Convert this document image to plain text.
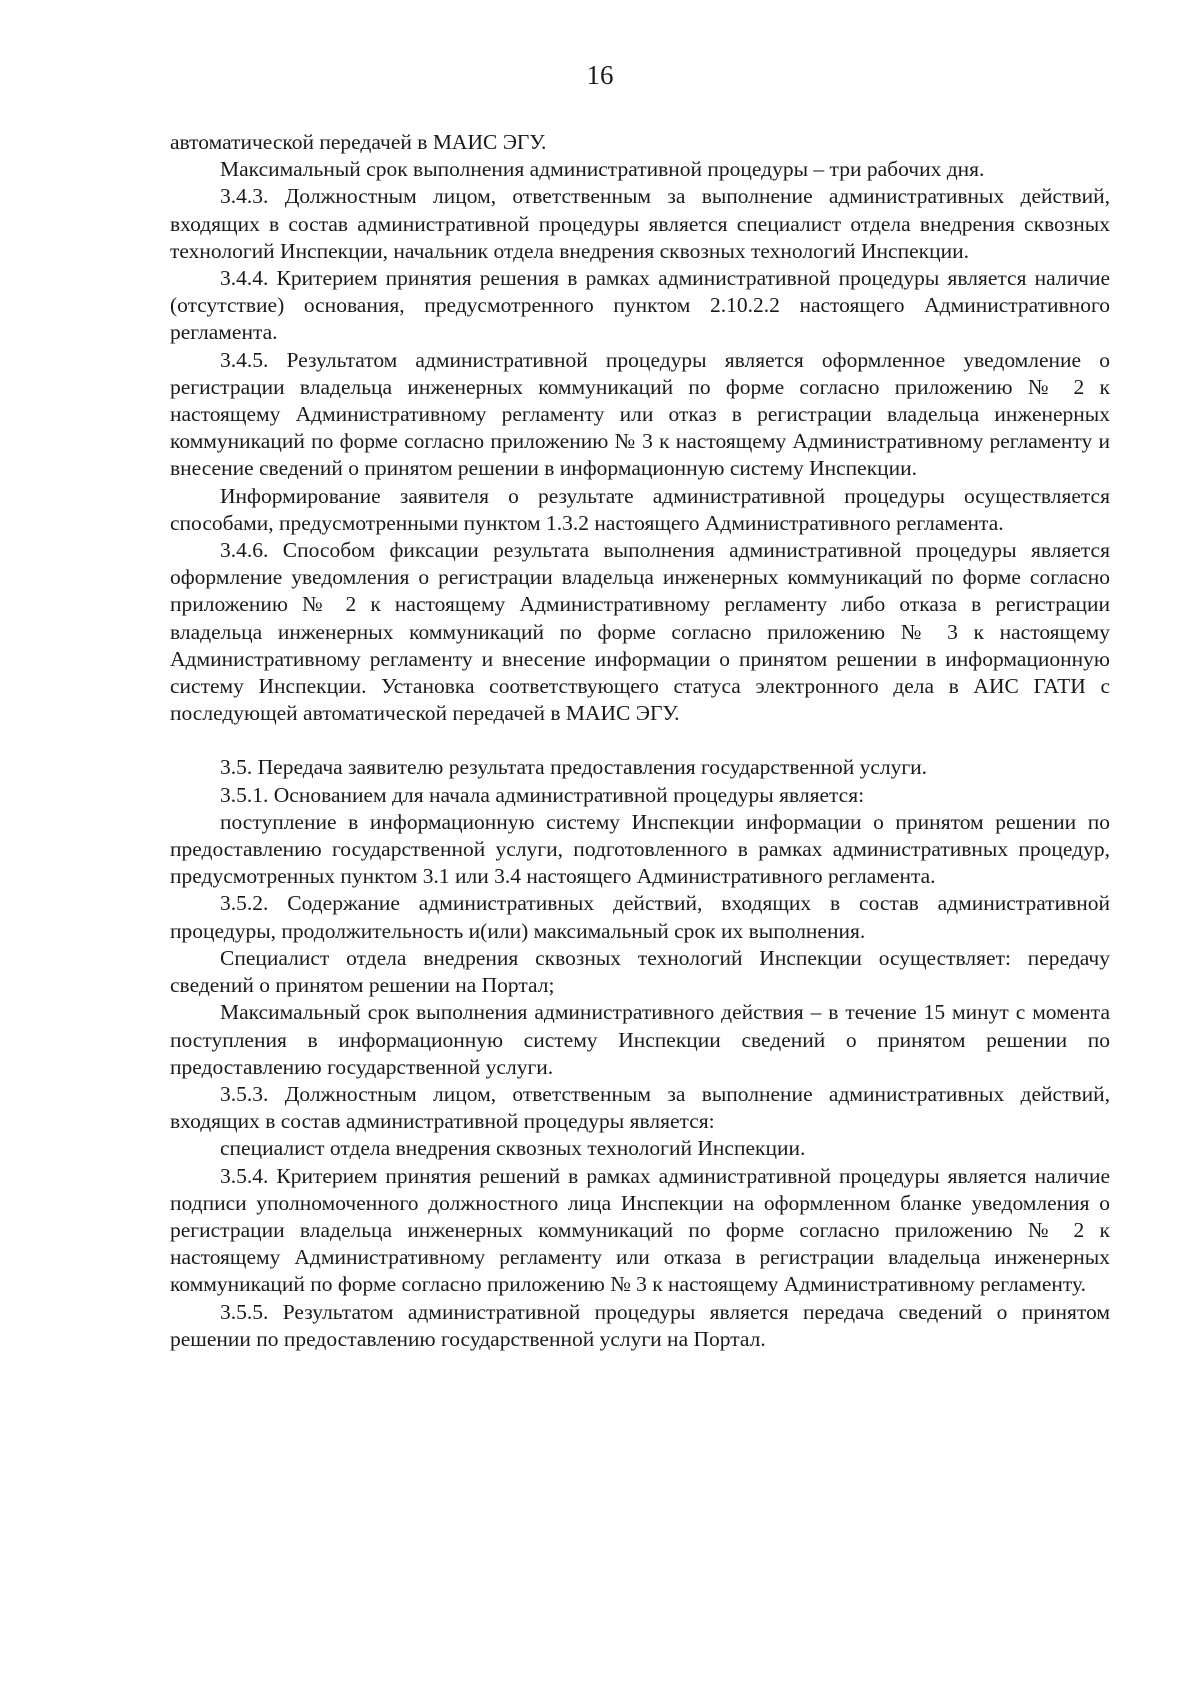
16

автоматической передачей в МАИС ЭГУ.

Максимальный срок выполнения административной процедуры – три рабочих дня.

3.4.3. Должностным лицом, ответственным за выполнение административных действий, входящих в состав административной процедуры является специалист отдела внедрения сквозных технологий Инспекции, начальник отдела внедрения сквозных технологий Инспекции.

3.4.4. Критерием принятия решения в рамках административной процедуры является наличие (отсутствие) основания, предусмотренного пунктом 2.10.2.2 настоящего Административного регламента.

3.4.5. Результатом административной процедуры является оформленное уведомление о регистрации владельца инженерных коммуникаций по форме согласно приложению № 2 к настоящему Административному регламенту или отказ в регистрации владельца инженерных коммуникаций по форме согласно приложению № 3 к настоящему Административному регламенту и внесение сведений о принятом решении в информационную систему Инспекции.

Информирование заявителя о результате административной процедуры осуществляется способами, предусмотренными пунктом 1.3.2 настоящего Административного регламента.

3.4.6. Способом фиксации результата выполнения административной процедуры является оформление уведомления о регистрации владельца инженерных коммуникаций по форме согласно приложению № 2 к настоящему Административному регламенту либо отказа в регистрации владельца инженерных коммуникаций по форме согласно приложению № 3 к настоящему Административному регламенту и внесение информации о принятом решении в информационную систему Инспекции. Установка соответствующего статуса электронного дела в АИС ГАТИ с последующей автоматической передачей в МАИС ЭГУ.

3.5. Передача заявителю результата предоставления государственной услуги.

3.5.1. Основанием для начала административной процедуры является:

поступление в информационную систему Инспекции информации о принятом решении по предоставлению государственной услуги, подготовленного в рамках административных процедур, предусмотренных пунктом 3.1 или 3.4 настоящего Административного регламента.

3.5.2. Содержание административных действий, входящих в состав административной процедуры, продолжительность и(или) максимальный срок их выполнения.

Специалист отдела внедрения сквозных технологий Инспекции осуществляет: передачу сведений о принятом решении на Портал;

Максимальный срок выполнения административного действия – в течение 15 минут с момента поступления в информационную систему Инспекции сведений о принятом решении по предоставлению государственной услуги.

3.5.3. Должностным лицом, ответственным за выполнение административных действий, входящих в состав административной процедуры является:

специалист отдела внедрения сквозных технологий Инспекции.

3.5.4. Критерием принятия решений в рамках административной процедуры является наличие подписи уполномоченного должностного лица Инспекции на оформленном бланке уведомления о регистрации владельца инженерных коммуникаций по форме согласно приложению № 2 к настоящему Административному регламенту или отказа в регистрации владельца инженерных коммуникаций по форме согласно приложению № 3 к настоящему Административному регламенту.

3.5.5. Результатом административной процедуры является передача сведений о принятом решении по предоставлению государственной услуги на Портал.
